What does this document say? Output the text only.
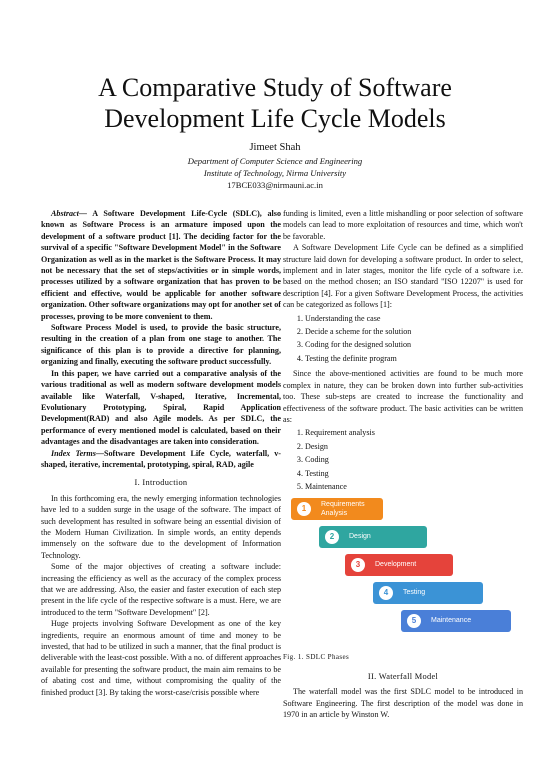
A Comparative Study of Software Development Life Cycle Models
Jimeet Shah
Department of Computer Science and Engineering
Institute of Technology, Nirma University
17BCE033@nirmauni.ac.in

Abstract— A Software Development Life-Cycle (SDLC), also known as Software Process is an armature imposed upon the development of a software product [1]. The deciding factor for the survival of a specific "Software Development Model" in the Software Organization as well as in the market is the Software Process. It may not be necessary that the set of steps/activities or in simple words, processes utilized by a software organization that has proven to be efficient and effective, would be applicable for another software organization. Other software organizations may opt for another set of processes, proving to be more convenient to them.

Software Process Model is used, to provide the basic structure, resulting in the creation of a plan from one stage to another. The significance of this plan is to provide a directive for planning, organizing and finally, executing the software product successfully.

In this paper, we have carried out a comparative analysis of the various traditional as well as modern software development models available like Waterfall, V-shaped, Iterative, Incremental, Evolutionary Prototyping, Spiral, Rapid Application Development(RAD) and also Agile models. As per SDLC, the performance of every mentioned model is calculated, based on their advantages and the disadvantages are taken into consideration.

Index Terms—Software Development Life Cycle, waterfall, v-shaped, iterative, incremental, prototyping, spiral, RAD, agile

I. Introduction

In this forthcoming era, the newly emerging information technologies have led to a sudden surge in the usage of the software. The impact of such development has resulted in software being an essential division of the Modern Human Civilization. In simple words, an entity depends immensely on the software due to the development of Information Technology.

Some of the major objectives of creating a software include: increasing the efficiency as well as the accuracy of the complex process that we are addressing. Also, the easier and faster execution of each step present in the life cycle of the respective software is a must. Here, we are introduced to the term "Software Development" [2].

Huge projects involving Software Development as one of the key ingredients, require an enormous amount of time and money to be invested, that had to be utilized in such a manner, that the final product is deliverable with the least-cost possible. With a no. of different approaches available for presenting the software product, the main aim remains to be of abating cost and time, without compromising the quality of the finished product [3]. By taking the worst-case/crisis possible where

funding is limited, even a little mishandling or poor selection of software models can lead to more exploitation of resources and time, which won't be favorable.

A Software Development Life Cycle can be defined as a simplified structure laid down for developing a software product. In order to select, implement and in later stages, monitor the life cycle of a software i.e. based on the method chosen; an ISO standard "ISO 12207" is used for description [4]. For a given Software Development Process, the activities can be categorized as follows [1]:

1. Understanding the case
2. Decide a scheme for the solution
3. Coding for the designed solution
4. Testing the definite program

Since the above-mentioned activities are found to be much more complex in nature, they can be broken down into further sub-activities too. These sub-steps are created to increase the functionality and effectiveness of the software product. The basic activities can be written as:

1. Requirement analysis
2. Design
3. Coding
4. Testing
5. Maintenance
1
Requirements Analysis
2	Design
3	Development
4	Testing
5	Maintenance

Fig. 1. SDLC Phases

II. Waterfall Model

The waterfall model was the first SDLC model to be introduced in Software Engineering. The first description of the model was done in 1970 in an article by Winston W.
